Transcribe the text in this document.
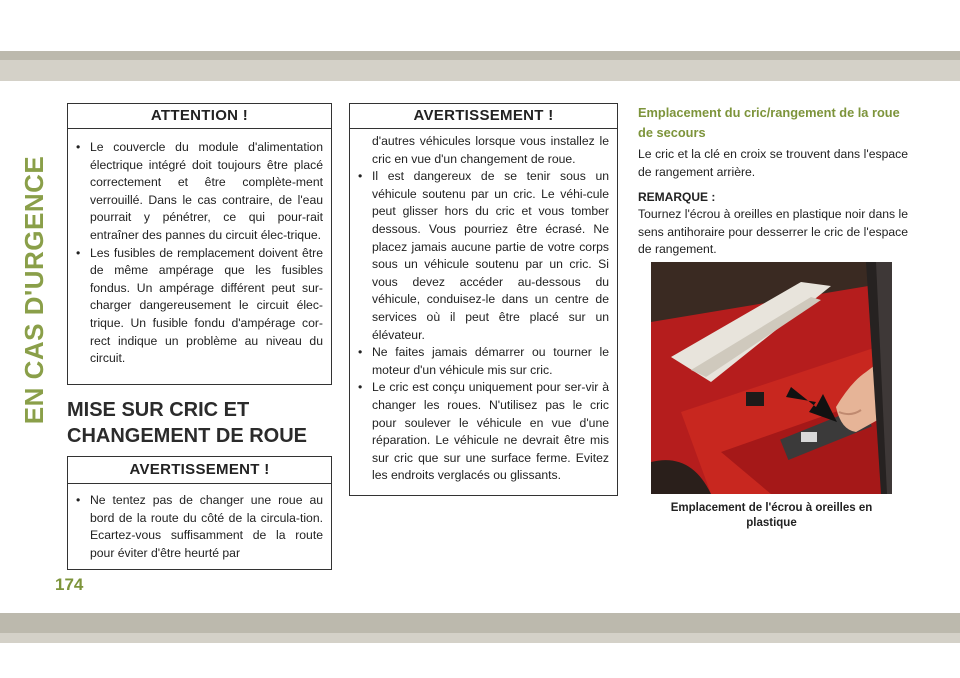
EN CAS D'URGENCE
ATTENTION !
• Le couvercle du module d'alimentation électrique intégré doit toujours être placé correctement et être complète-ment verrouillé. Dans le cas contraire, de l'eau pourrait y pénétrer, ce qui pour-rait entraîner des pannes du circuit élec-trique.
• Les fusibles de remplacement doivent être de même ampérage que les fusibles fondus. Un ampérage différent peut sur-charger dangereusement le circuit élec-trique. Un fusible fondu d'ampérage cor-rect indique un problème au niveau du circuit.
MISE SUR CRIC ET CHANGEMENT DE ROUE
AVERTISSEMENT !
• Ne tentez pas de changer une roue au bord de la route du côté de la circula-tion. Ecartez-vous suffisamment de la route pour éviter d'être heurté par
AVERTISSEMENT !

d'autres véhicules lorsque vous installez le cric en vue d'un changement de roue.

• Il est dangereux de se tenir sous un véhicule soutenu par un cric. Le véhi-cule peut glisser hors du cric et vous tomber dessous. Vous pourriez être écrasé. Ne placez jamais aucune partie de votre corps sous un véhicule soutenu par un cric. Si vous devez accéder au-dessous du véhicule, conduisez-le dans un centre de services où il peut être placé sur un élévateur.
• Ne faites jamais démarrer ou tourner le moteur d'un véhicule mis sur cric.
• Le cric est conçu uniquement pour ser-vir à changer les roues. N'utilisez pas le cric pour soulever le véhicule en vue d'une réparation. Le véhicule ne devrait être mis sur cric que sur une surface ferme. Evitez les endroits verglacés ou glissants.
Emplacement du cric/rangement de la roue de secours

Le cric et la clé en croix se trouvent dans l'espace de rangement arrière.

REMARQUE :

Tournez l'écrou à oreilles en plastique noir dans le sens antihoraire pour desserrer le cric de l'espace de rangement.

Emplacement de l'écrou à oreilles en plastique
174
